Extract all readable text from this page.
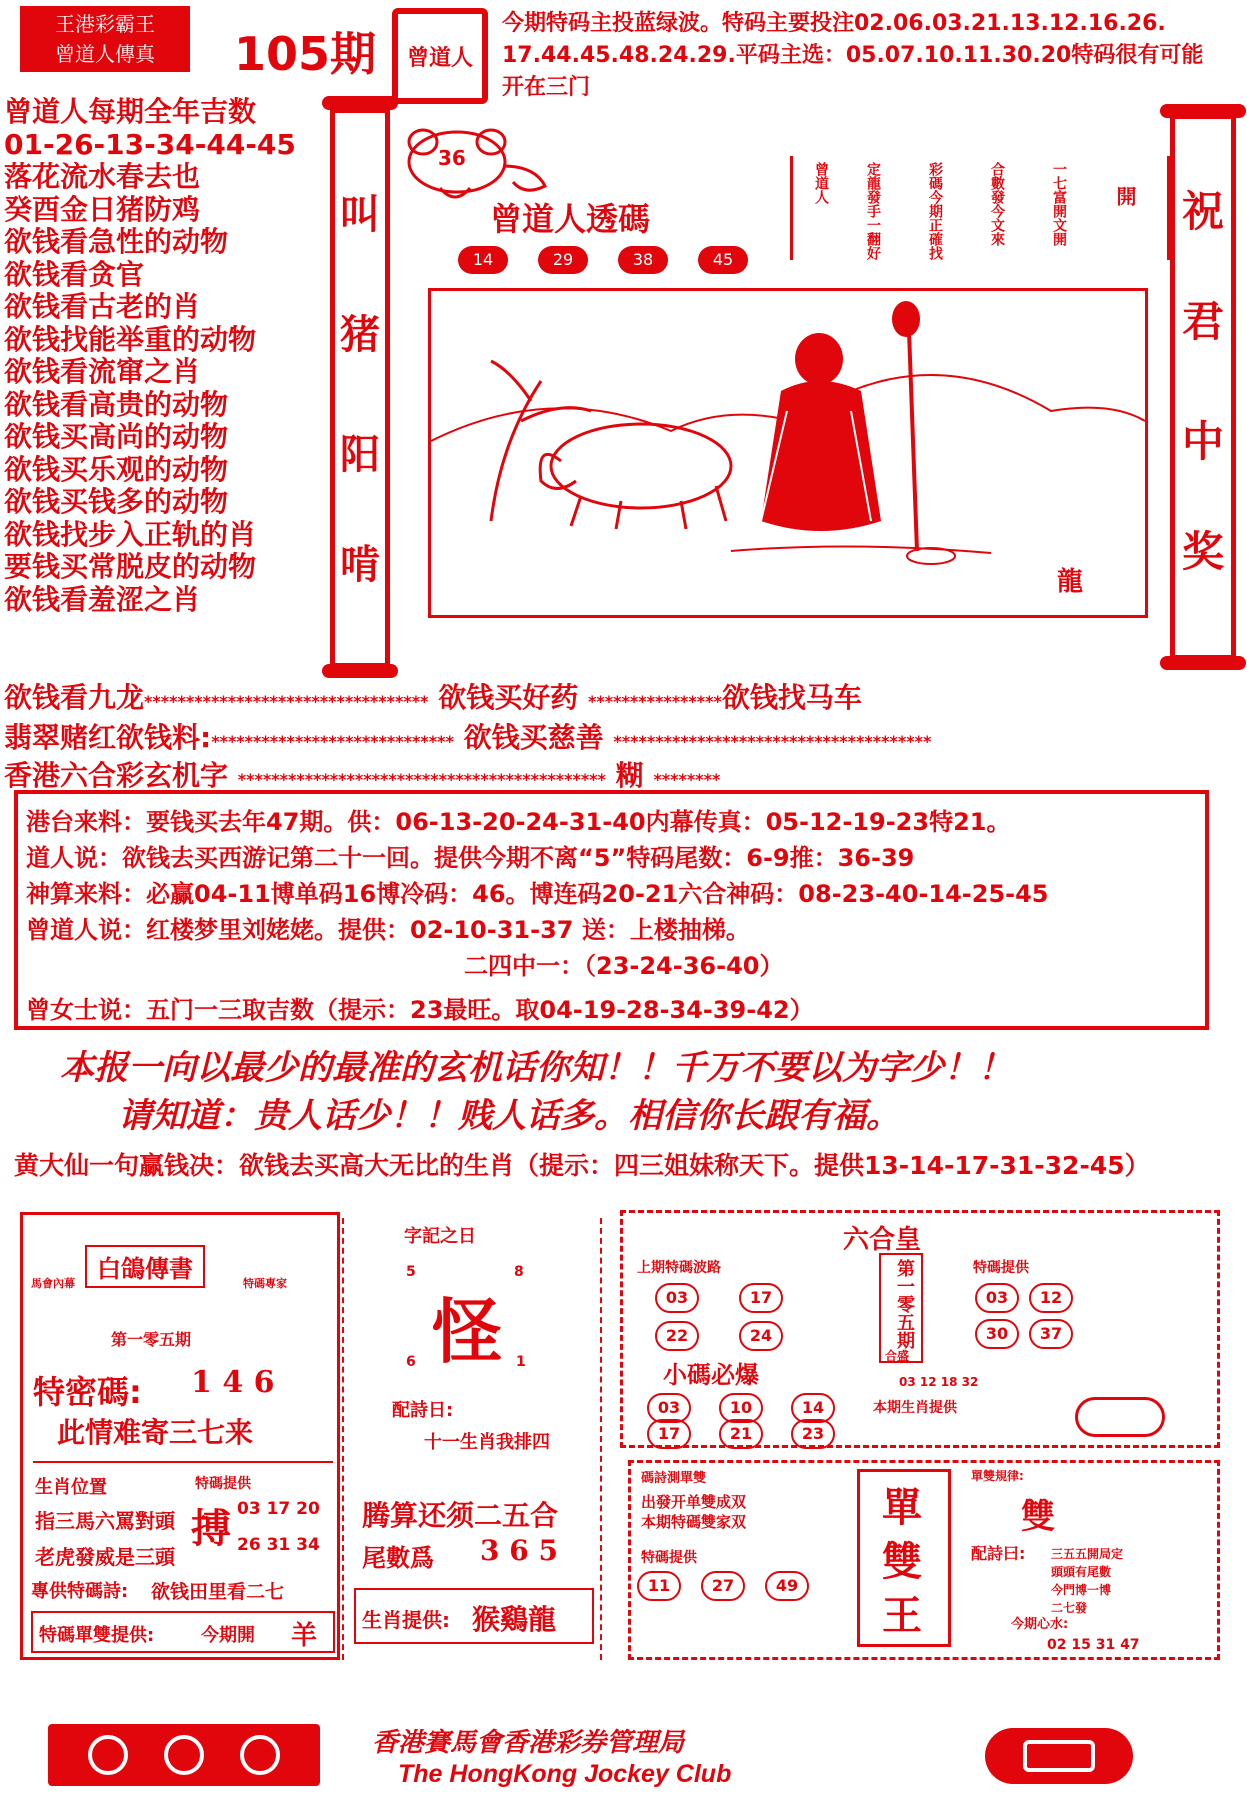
王港彩霸王
曾道人傳真	105期 曾道人
今期特码主投蓝绿波。特码主要投注02.06.03.21.13.12.16.26.
17.44.45.48.24.29.平码主选：05.07.10.11.30.20特码很有可能
开在三门
曾道人每期全年吉数
01-26-13-34-44-45
落花流水春去也
癸酉金日猪防鸡
欲钱看急性的动物
欲钱看贪官
欲钱看古老的肖
欲钱找能举重的动物
欲钱看流窜之肖
欲钱看高贵的动物
欲钱买高尚的动物
欲钱买乐观的动物
欲钱买钱多的动物
欲钱找步入正轨的肖
要钱买常脱皮的动物
欲钱看羞涩之肖
叫
猪
阳
啃
36
曾道人透碼
14	29	38	45
曾道人	定龍發手一翻好	彩碼今期正確找	合數發今文來	一七富開文開 開
龍
祝
君
中
奖
欲钱看九龙********************************** 欲钱买好药 ****************欲钱找马车
翡翠赌红欲钱料:***************************** 欲钱买慈善 **************************************
香港六合彩玄机字 ******************************************** 糊 ********
港台来料：要钱买去年47期。供：06-13-20-24-31-40内幕传真：05-12-19-23特21。
道人说：欲钱去买西游记第二十一回。提供今期不离“5”特码尾数：6-9推：36-39
神算来料：必赢04-11博单码16博冷码：46。博连码20-21六合神码：08-23-40-14-25-45
曾道人说：红楼梦里刘姥姥。提供：02-10-31-37 送：上楼抽梯。
二四中一：（23-24-36-40）
曾女士说：五门一三取吉数（提示：23最旺。取04-19-28-34-39-42）
本报一向以最少的最准的玄机话你知！！千万不要以为字少！！
请知道：贵人话少！！贱人话多。相信你长跟有福。
黄大仙一句赢钱决：欲钱去买高大无比的生肖（提示：四三姐妹称天下。提供13-14-17-31-32-45）
白鴿傳書
馬會內幕	特碼專家
第一零五期
特密碼: 1 4 6
此情难寄三七来
生肖位置
指三馬六罵對頭
老虎發威是三頭
特碼提供
搏 03 17 20
26 31 34
專供特碼詩: 欲钱田里看二七
特碼單雙提供:	今期開 羊
字記之日
5	8
怪
6	1
配詩日:
十一生肖我排四
腾算还须二五合
尾數爲 3 6 5
生肖提供: 猴鷄龍
六合皇
上期特碼波路
03	17
22	24	第一零五期
合盛
特碼提供
03	12
30	37
小碼必爆	03 12 18 32
03	10	14
17	21	23
本期生肖提供
碼詩測單雙
出發开单雙成双
本期特碼雙家双
特碼提供
11	27	49
單
雙
王
單雙規律:
雙
配詩曰: 三五五開局定
頭頭有尾數
今門博一博
二七發
今期心水:
02 15 31 47
香港賽馬會香港彩券管理局
The HongKong Jockey Club
